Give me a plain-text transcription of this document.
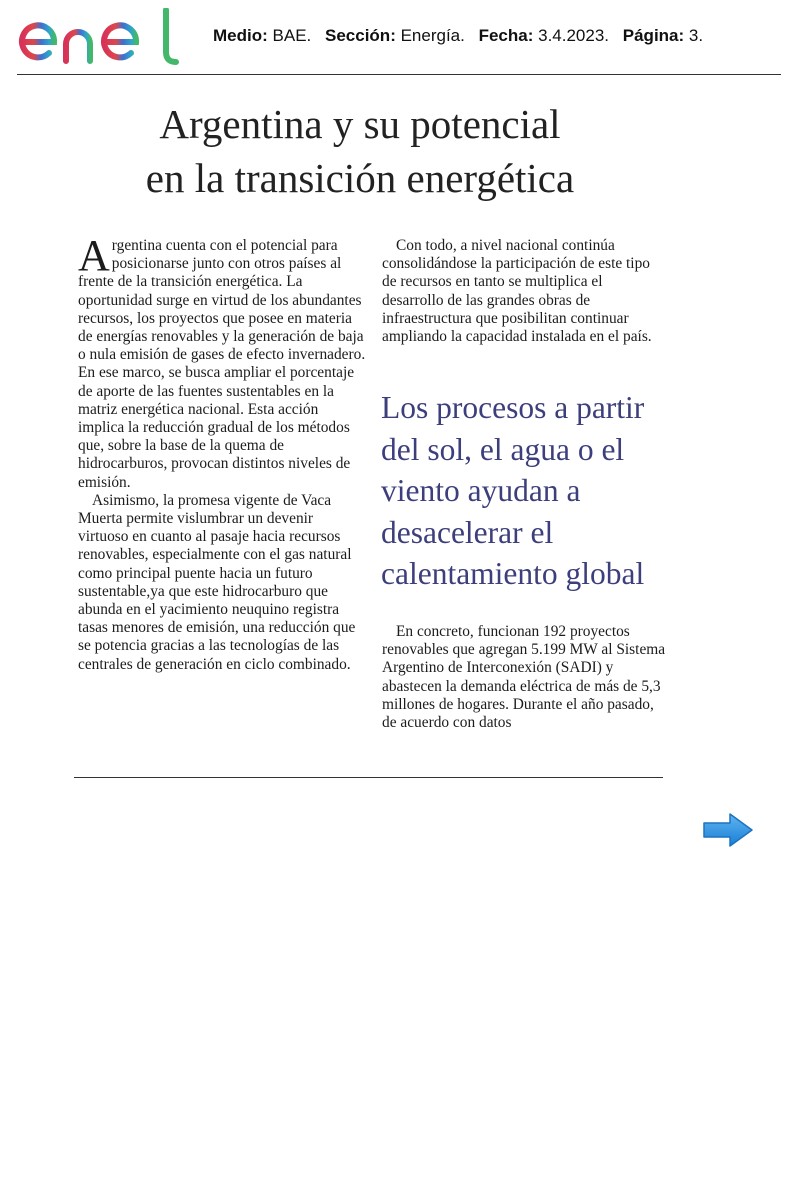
Medio: BAE. Sección: Energía. Fecha: 3.4.2023. Página: 3.
Argentina y su potencial
en la transición energética

Argentina cuenta con el potencial para posicionarse junto con otros países al frente de la transición energética. La oportunidad surge en virtud de los abundantes recursos, los proyectos que posee en materia de energías renovables y la generación de baja o nula emisión de gases de efecto invernadero. En ese marco, se busca ampliar el porcentaje de aporte de las fuentes sustentables en la matriz energética nacional. Esta acción implica la reducción gradual de los métodos que, sobre la base de la quema de hidrocarburos, provocan distintos niveles de emisión.

Asimismo, la promesa vigente de Vaca Muerta permite vislumbrar un devenir virtuoso en cuanto al pasaje hacia recursos renovables, especialmente con el gas natural como principal puente hacia un futuro sustentable,ya que este hidrocarburo que abunda en el yacimiento neuquino registra tasas menores de emisión, una reducción que se potencia gracias a las tecnologías de las centrales de generación en ciclo combinado.

Con todo, a nivel nacional continúa consolidándose la participación de este tipo de recursos en tanto se multiplica el desarrollo de las grandes obras de infraestructura que posibilitan continuar ampliando la capacidad instalada en el país.

Los procesos a partir del sol, el agua o el viento ayudan a desacelerar el calentamiento global

En concreto, funcionan 192 proyectos renovables que agregan 5.199 MW al Sistema Argentino de Interconexión (SADI) y abastecen la demanda eléctrica de más de 5,3 millones de hogares. Durante el año pasado, de acuerdo con datos
